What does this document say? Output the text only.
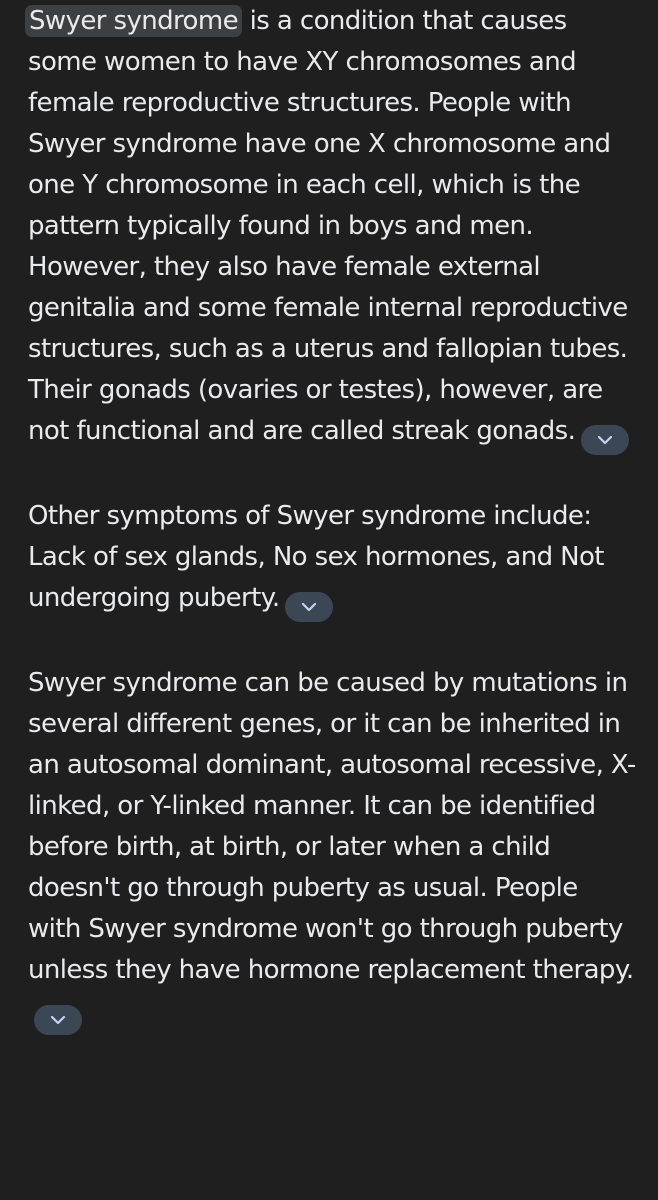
Swyer syndrome is a condition that causes some women to have XY chromosomes and female reproductive structures. People with Swyer syndrome have one X chromosome and one Y chromosome in each cell, which is the pattern typically found in boys and men. However, they also have female external genitalia and some female internal reproductive structures, such as a uterus and fallopian tubes. Their gonads (ovaries or testes), however, are not functional and are called streak gonads.

Other symptoms of Swyer syndrome include: Lack of sex glands, No sex hormones, and Not undergoing puberty.

Swyer syndrome can be caused by mutations in several different genes, or it can be inherited in an autosomal dominant, autosomal recessive, X-linked, or Y-linked manner. It can be identified before birth, at birth, or later when a child doesn't go through puberty as usual. People with Swyer syndrome won't go through puberty unless they have hormone replacement therapy.
